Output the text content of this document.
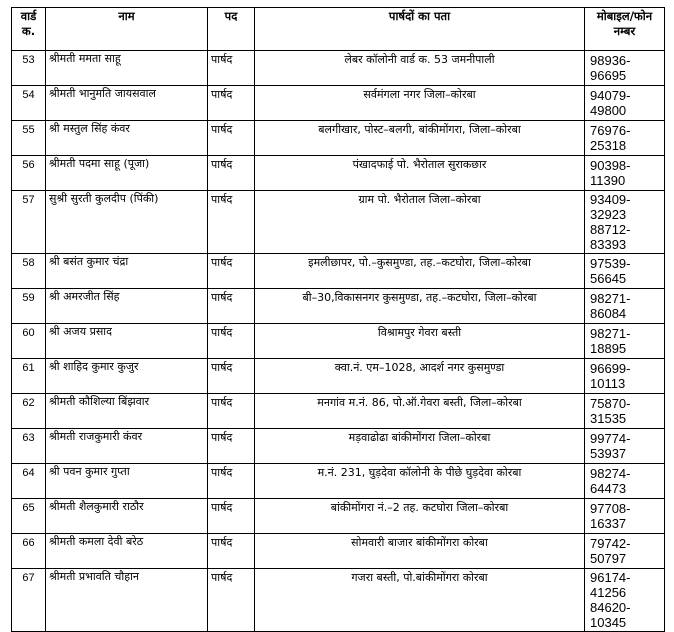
वार्ड क.	नाम	पद	पार्षदों का पता	मोबाइल/फोन नम्बर
53	श्रीमती ममता साहू	पार्षद	लेबर कॉलोनी वार्ड क. 53 जमनीपाली	98936-96695

54	श्रीमती भानुमति जायसवाल	पार्षद	सर्वमंगला नगर जिला–कोरबा	94079-49800

55	श्री मस्तुल सिंह कंवर	पार्षद	बलगीखार, पोस्ट–बलगी, बांकीमोंगरा, जिला–कोरबा	76976-25318

56	श्रीमती पदमा साहू (पूजा)	पार्षद	पंखादफाई पो. भैरोताल सुराकछार	90398-11390

57	सुश्री सुरती कुलदीप (पिंकी)	पार्षद	ग्राम पो. भैरोताल जिला–कोरबा	93409-32923
88712-83393

58	श्री बसंत कुमार चंद्रा	पार्षद	इमलीछापर, पो.–कुसमुण्डा, तह.–कटघोरा, जिला–कोरबा	97539-56645

59	श्री अमरजीत सिंह	पार्षद	बी–30,विकासनगर कुसमुण्डा, तह.–कटघोरा, जिला–कोरबा	98271-86084

60	श्री अजय प्रसाद	पार्षद	विश्रामपुर गेवरा बस्ती	98271-18895

61	श्री शाहिद कुमार कुजुर	पार्षद	क्वा.नं. एम–1028, आदर्श नगर कुसमुण्डा	96699-10113

62	श्रीमती कौशिल्या बिंझवार	पार्षद	मनगांव म.नं. 86, पो.ऑ.गेवरा बस्ती, जिला–कोरबा	75870-31535

63	श्रीमती राजकुमारी कंवर	पार्षद	मड़वाढोढा बांकीमोंगरा जिला–कोरबा	99774-53937

64	श्री पवन कुमार गुप्ता	पार्षद	म.नं. 231, घुड़देवा कॉलोनी के पीछे घुड़देवा कोरबा	98274-64473

65	श्रीमती शैलकुमारी राठौर	पार्षद	बांकीमोंगरा नं.–2 तह. कटघोरा जिला–कोरबा	97708-16337

66	श्रीमती कमला देवी बरेठ	पार्षद	सोमवारी बाजार बांकीमोंगरा कोरबा	79742-50797

67	श्रीमती प्रभावति चौहान	पार्षद	गजरा बस्ती, पो.बांकीमोंगरा कोरबा	96174-41256
84620-10345
